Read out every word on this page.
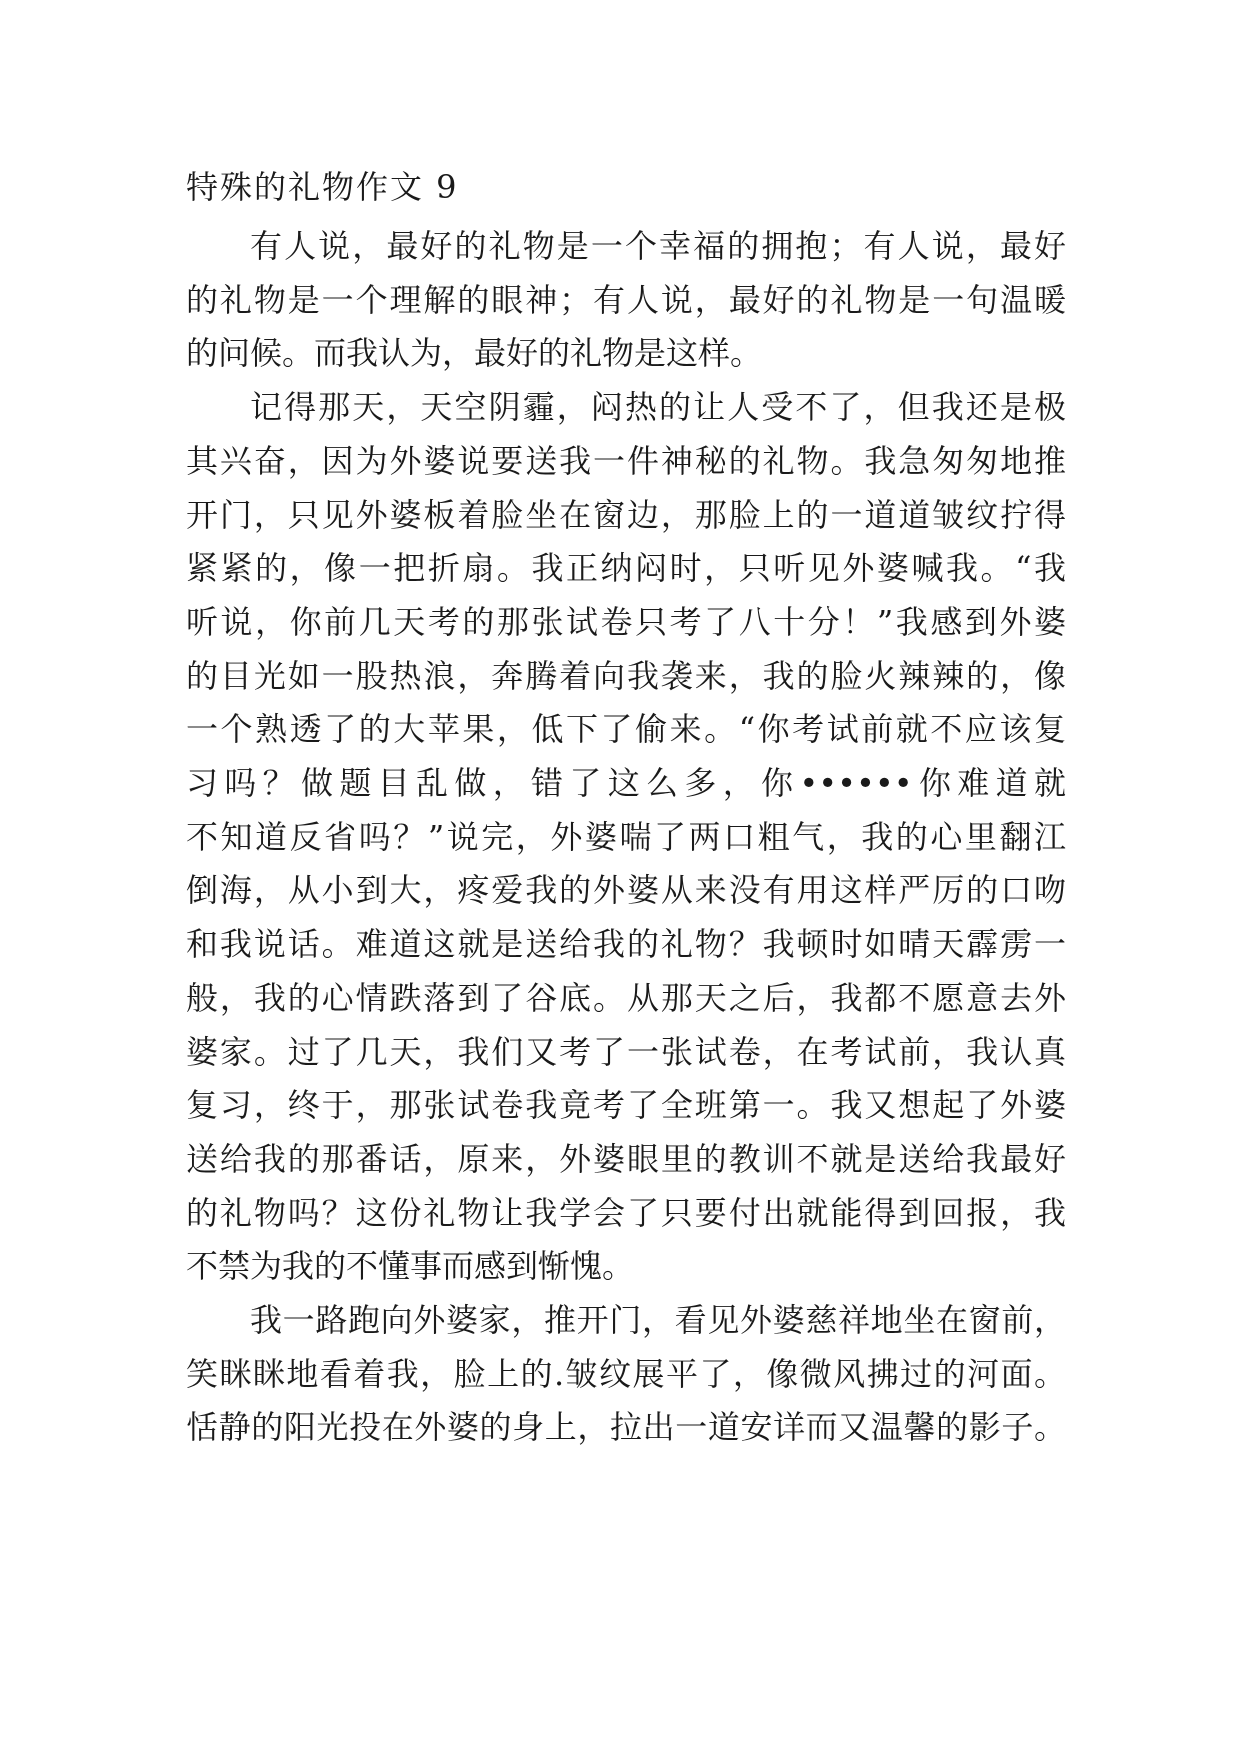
特殊的礼物作文 9
有人说，最好的礼物是一个幸福的拥抱；有人说，最好
的礼物是一个理解的眼神；有人说，最好的礼物是一句温暖
的问候。而我认为，最好的礼物是这样。
记得那天，天空阴霾，闷热的让人受不了，但我还是极
其兴奋，因为外婆说要送我一件神秘的礼物。我急匆匆地推
开门，只见外婆板着脸坐在窗边，那脸上的一道道皱纹拧得
紧紧的，像一把折扇。我正纳闷时，只听见外婆喊我。“我
听说，你前几天考的那张试卷只考了八十分！”我感到外婆
的目光如一股热浪，奔腾着向我袭来，我的脸火辣辣的，像
一个熟透了的大苹果，低下了偷来。“你考试前就不应该复
习吗？做题目乱做，错了这么多，你••••••你难道就
不知道反省吗？”说完，外婆喘了两口粗气，我的心里翻江
倒海，从小到大，疼爱我的外婆从来没有用这样严厉的口吻
和我说话。难道这就是送给我的礼物？我顿时如晴天霹雳一
般，我的心情跌落到了谷底。从那天之后，我都不愿意去外
婆家。过了几天，我们又考了一张试卷，在考试前，我认真
复习，终于，那张试卷我竟考了全班第一。我又想起了外婆
送给我的那番话，原来，外婆眼里的教训不就是送给我最好
的礼物吗？这份礼物让我学会了只要付出就能得到回报，我
不禁为我的不懂事而感到惭愧。
我一路跑向外婆家，推开门，看见外婆慈祥地坐在窗前，
笑眯眯地看着我，脸上的.皱纹展平了，像微风拂过的河面。
恬静的阳光投在外婆的身上，拉出一道安详而又温馨的影子。
